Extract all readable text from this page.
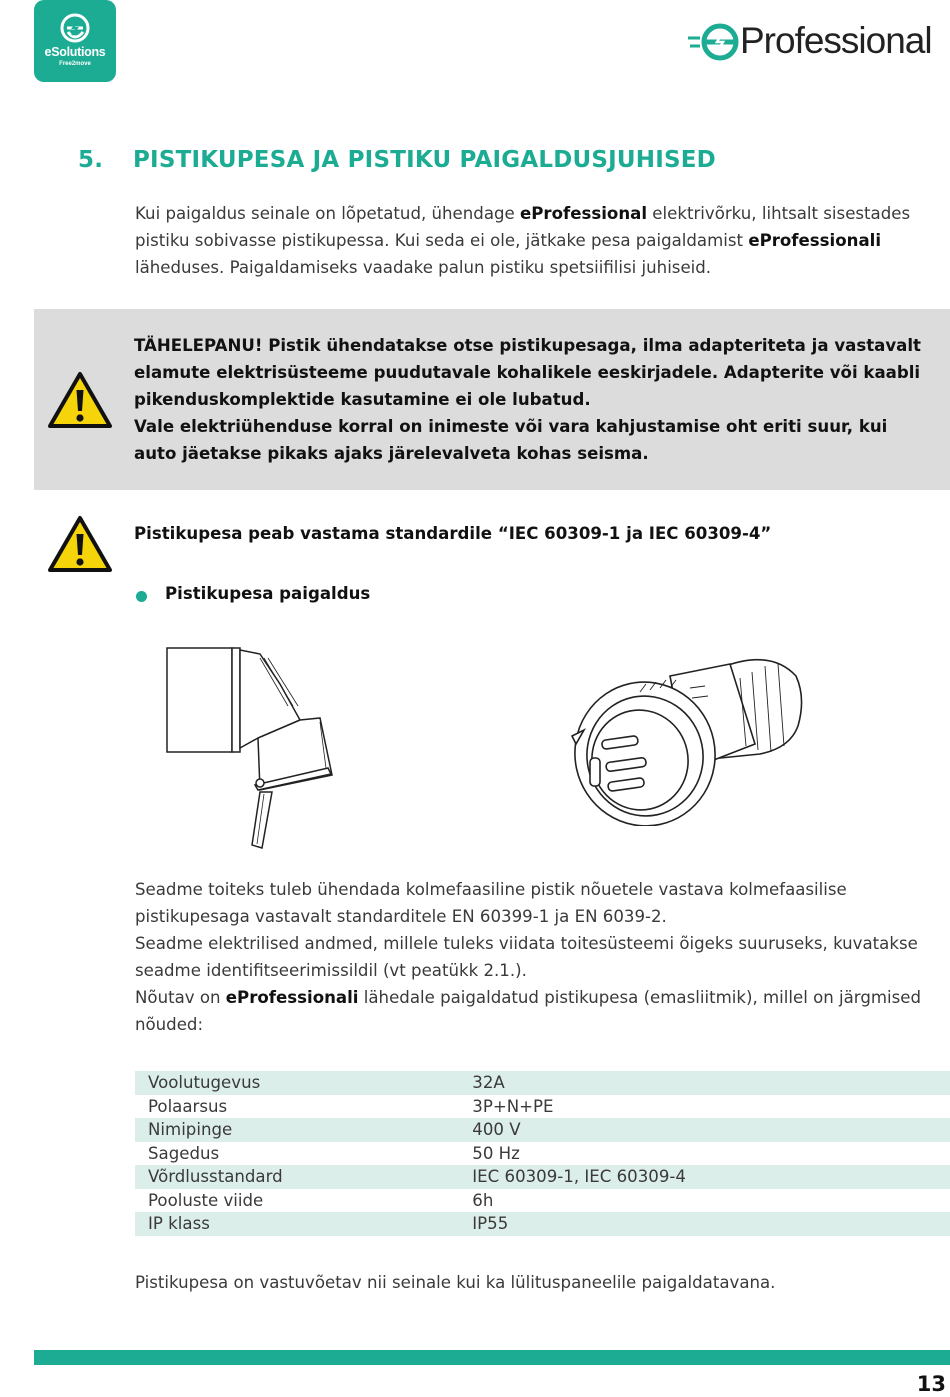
eSolutions
Free2move
Professional
5. PISTIKUPESA JA PISTIKU PAIGALDUSJUHISED
Kui paigaldus seinale on lõpetatud, ühendage eProfessional elektrivõrku, lihtsalt sisestades pistiku sobivasse pistikupessa. Kui seda ei ole, jätkake pesa paigaldamist eProfessionali läheduses. Paigaldamiseks vaadake palun pistiku spetsiifilisi juhiseid.
TÄHELEPANU! Pistik ühendatakse otse pistikupesaga, ilma adapteriteta ja vastavalt elamute elektrisüsteeme puudutavale kohalikele eeskirjadele. Adapterite või kaabli pikenduskomplektide kasutamine ei ole lubatud.
Vale elektriühenduse korral on inimeste või vara kahjustamise oht eriti suur, kui auto jäetakse pikaks ajaks järelevalveta kohas seisma.
Pistikupesa peab vastama standardile “IEC 60309-1 ja IEC 60309-4”
Pistikupesa paigaldus
Seadme toiteks tuleb ühendada kolmefaasiline pistik nõuetele vastava kolmefaasilise pistikupesaga vastavalt standarditele EN 60399-1 ja EN 6039-2.
Seadme elektrilised andmed, millele tuleks viidata toitesüsteemi õigeks suuruseks, kuvatakse seadme identifitseerimissildil (vt peatükk 2.1.).
Nõutav on eProfessionali lähedale paigaldatud pistikupesa (emasliitmik), millel on järgmised nõuded:
Voolutugevus	32A
Polaarsus	3P+N+PE
Nimipinge	400 V
Sagedus	50 Hz
Võrdlusstandard	IEC 60309-1, IEC 60309-4
Pooluste viide	6h
IP klass	IP55
Pistikupesa on vastuvõetav nii seinale kui ka lülituspaneelile paigaldatavana.
13
